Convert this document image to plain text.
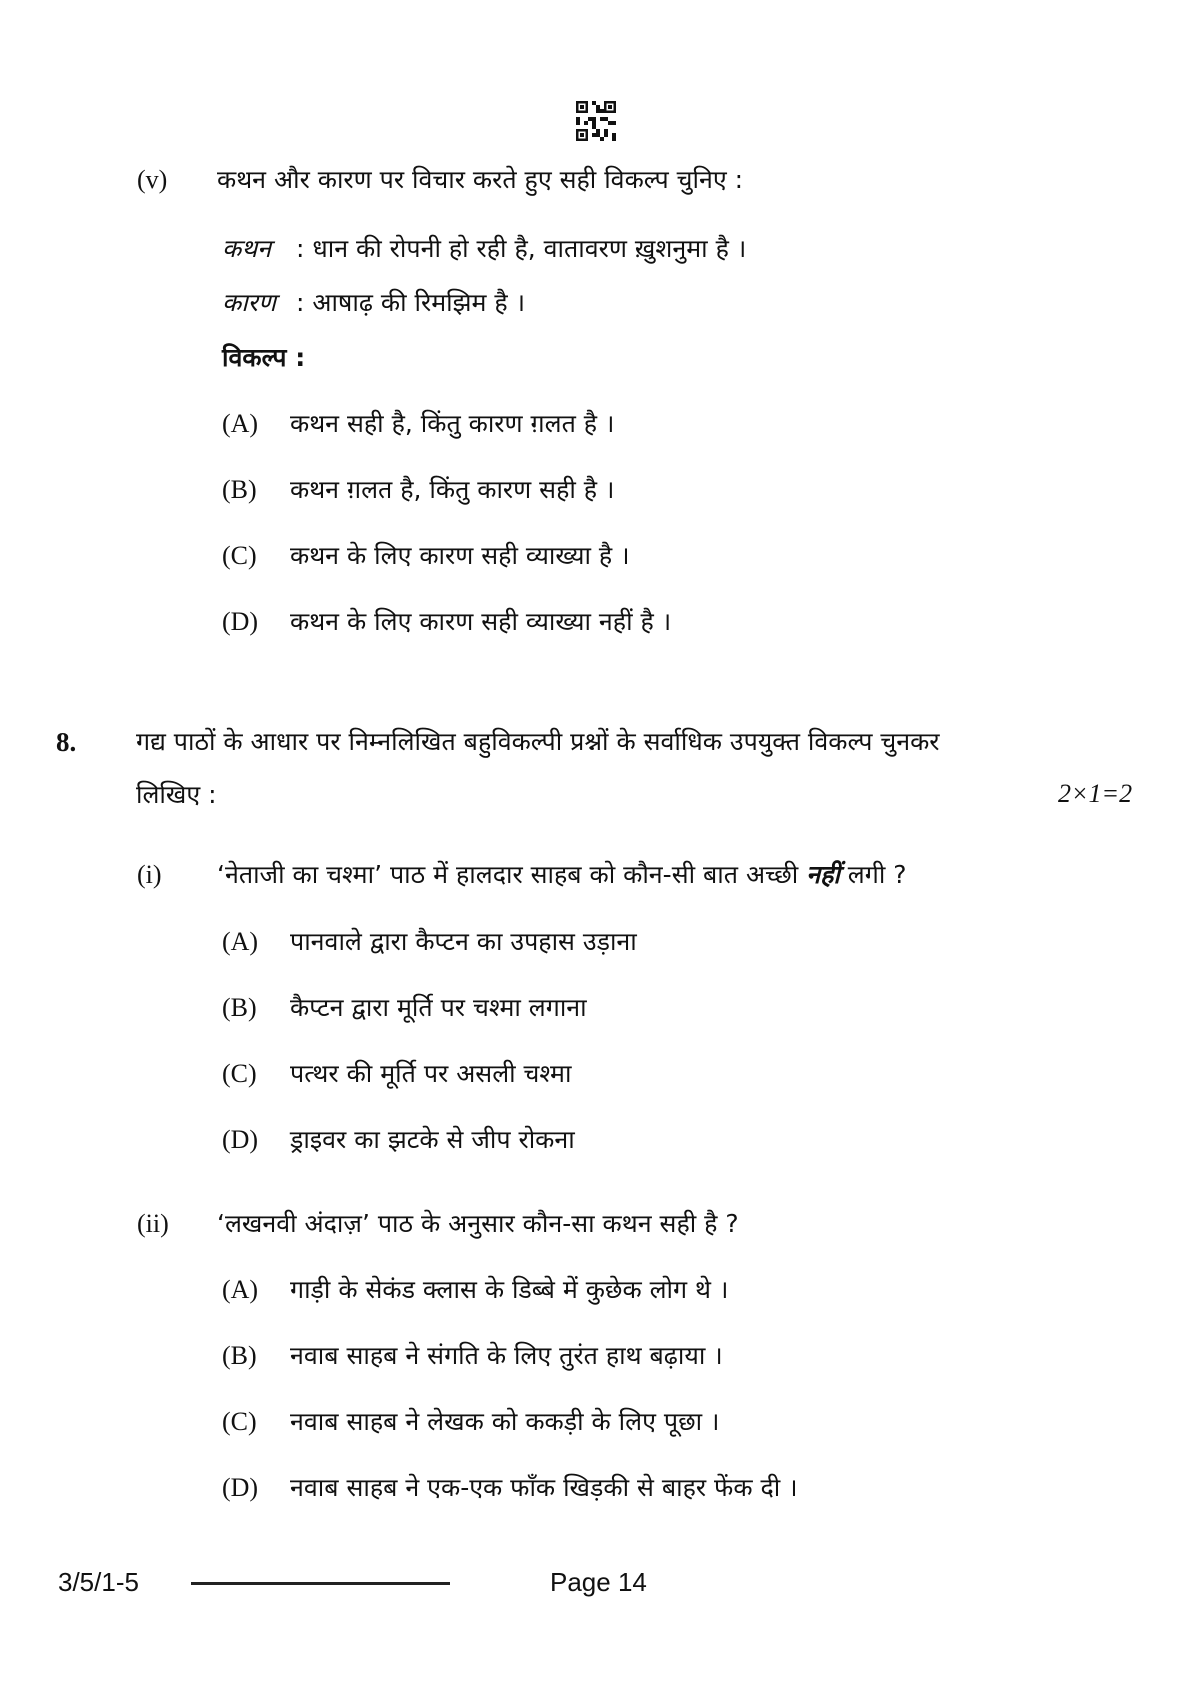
(v) कथन और कारण पर विचार करते हुए सही विकल्प चुनिए :
कथन : धान की रोपनी हो रही है, वातावरण ख़ुशनुमा है ।
कारण : आषाढ़ की रिमझिम है ।
विकल्प :
(A) कथन सही है, किंतु कारण ग़लत है ।
(B) कथन ग़लत है, किंतु कारण सही है ।
(C) कथन के लिए कारण सही व्याख्या है ।
(D) कथन के लिए कारण सही व्याख्या नहीं है ।
8. गद्य पाठों के आधार पर निम्नलिखित बहुविकल्पी प्रश्नों के सर्वाधिक उपयुक्त विकल्प चुनकर
लिखिए :	2×1=2
(i) ‘नेताजी का चश्मा’ पाठ में हालदार साहब को कौन-सी बात अच्छी नहीं लगी ?
(A) पानवाले द्वारा कैप्टन का उपहास उड़ाना
(B) कैप्टन द्वारा मूर्ति पर चश्मा लगाना
(C) पत्थर की मूर्ति पर असली चश्मा
(D) ड्राइवर का झटके से जीप रोकना
(ii) ‘लखनवी अंदाज़’ पाठ के अनुसार कौन-सा कथन सही है ?
(A) गाड़ी के सेकंड क्लास के डिब्बे में कुछेक लोग थे ।
(B) नवाब साहब ने संगति के लिए तुरंत हाथ बढ़ाया ।
(C) नवाब साहब ने लेखक को ककड़ी के लिए पूछा ।
(D) नवाब साहब ने एक-एक फाँक खिड़की से बाहर फेंक दी ।
3/5/1-5	Page 14
